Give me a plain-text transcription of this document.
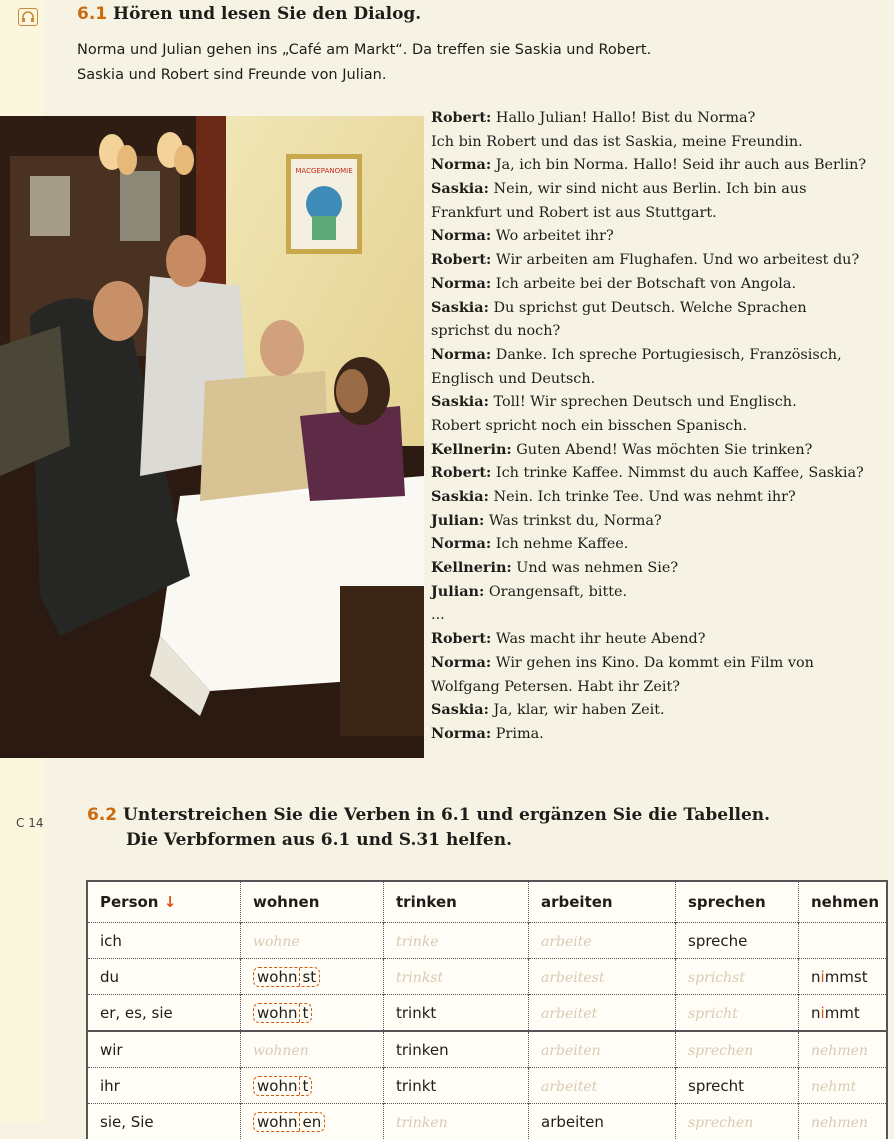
6.1 Hören und lesen Sie den Dialog.
Norma und Julian gehen ins „Café am Markt“. Da treffen sie Saskia und Robert.
Saskia und Robert sind Freunde von Julian.
MACGEPANOMIE
Robert: Hallo Julian! Hallo! Bist du Norma?
Ich bin Robert und das ist Saskia, meine Freundin.
Norma: Ja, ich bin Norma. Hallo! Seid ihr auch aus Berlin?
Saskia: Nein, wir sind nicht aus Berlin. Ich bin aus
Frankfurt und Robert ist aus Stuttgart.
Norma: Wo arbeitet ihr?
Robert: Wir arbeiten am Flughafen. Und wo arbeitest du?
Norma: Ich arbeite bei der Botschaft von Angola.
Saskia: Du sprichst gut Deutsch. Welche Sprachen
sprichst du noch?
Norma: Danke. Ich spreche Portugiesisch, Französisch,
Englisch und Deutsch.
Saskia: Toll! Wir sprechen Deutsch und Englisch.
Robert spricht noch ein bisschen Spanisch.
Kellnerin: Guten Abend! Was möchten Sie trinken?
Robert: Ich trinke Kaffee. Nimmst du auch Kaffee, Saskia?
Saskia: Nein. Ich trinke Tee. Und was nehmt ihr?
Julian: Was trinkst du, Norma?
Norma: Ich nehme Kaffee.
Kellnerin: Und was nehmen Sie?
Julian: Orangensaft, bitte.
...
Robert: Was macht ihr heute Abend?
Norma: Wir gehen ins Kino. Da kommt ein Film von
Wolfgang Petersen. Habt ihr Zeit?
Saskia: Ja, klar, wir haben Zeit.
Norma: Prima.
C 14	6.2 Unterstreichen Sie die Verben in 6.1 und ergänzen Sie die Tabellen.
Die Verbformen aus 6.1 und S.31 helfen.
Person ↓	wohnen	trinken	arbeiten	sprechen	nehmen
ich	wohne	trinke	arbeite	spreche	
du	wohn st	trinkst	arbeitest	sprichst	nimmst
er, es, sie	wohn t	trinkt	arbeitet	spricht	nimmt
wir	wohnen	trinken	arbeiten	sprechen	nehmen
ihr	wohn t	trinkt	arbeitet	sprecht	nehmt
sie, Sie	wohn en	trinken	arbeiten	sprechen	nehmen
